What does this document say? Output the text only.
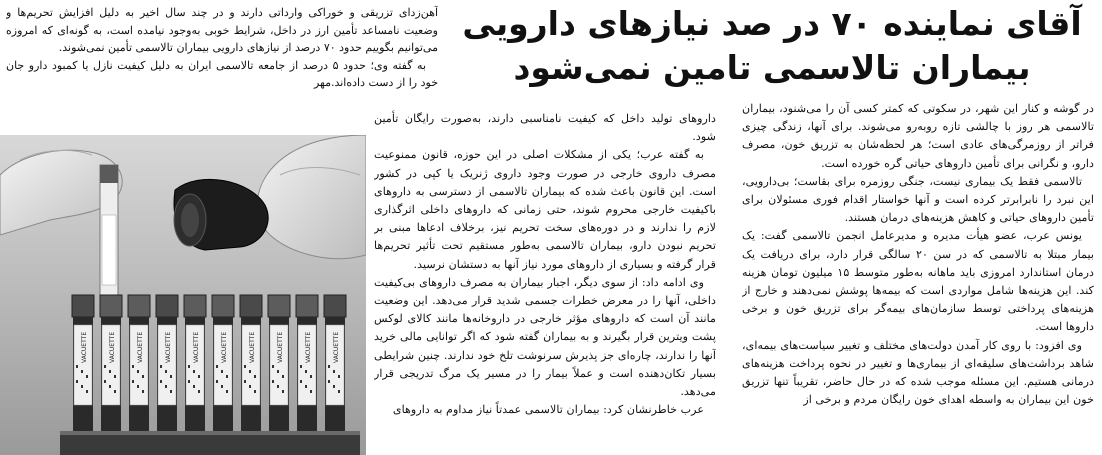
آقای نماینده ۷۰ در صد نیازهای دارویی
بیماران تالاسمی تامین نمی‌شود

آهن‌زدای تزریقی و خوراکی وارداتی دارند و در چند سال اخیر به دلیل افزایش تحریم‌ها و وضعیت نامساعد تأمین ارز در داخل، شرایط خوبی به‌وجود نیامده است، به گونه‌ای که امروزه می‌توانیم بگوییم حدود ۷۰ درصد از نیازهای دارویی بیماران تالاسمی تأمین نمی‌شوند.

به گفته وی؛ حدود ۵ درصد از جامعه تالاسمی ایران به دلیل کیفیت نازل یا کمبود دارو جان خود را از دست داده‌اند.مهر

داروهای تولید داخل که کیفیت نامناسبی دارند، به‌صورت رایگان تأمین شود.

به گفته عرب؛ یکی از مشکلات اصلی در این حوزه، قانون ممنوعیت مصرف داروی خارجی در صورت وجود داروی ژنریک یا کپی در کشور است. این قانون باعث شده که بیماران تالاسمی از دسترسی به داروهای باکیفیت خارجی محروم شوند، حتی زمانی که داروهای داخلی اثرگذاری لازم را ندارند و در دوره‌های سخت تحریم نیز، برخلاف ادعاها مبنی بر تحریم نبودن دارو، بیماران تالاسمی به‌طور مستقیم تحت تأثیر تحریم‌ها قرار گرفته و بسیاری از داروهای مورد نیاز آنها به دستشان نرسید.

وی ادامه داد: از سوی دیگر، اجبار بیماران به مصرف داروهای بی‌کیفیت داخلی، آنها را در معرض خطرات جسمی شدید قرار می‌دهد. این وضعیت مانند آن است که داروهای مؤثر خارجی در داروخانه‌ها مانند کالای لوکس پشت ویترین قرار بگیرند و به بیماران گفته شود که اگر توانایی مالی خرید آنها را ندارند، چاره‌ای جز پذیرش سرنوشت تلخ خود ندارند. چنین شرایطی بسیار تکان‌دهنده است و عملاً بیمار را در مسیر یک مرگ تدریجی قرار می‌دهد.

عرب خاطرنشان کرد: بیماران تالاسمی عمدتاً نیاز مداوم به داروهای

در گوشه و کنار این شهر، در سکوتی که کمتر کسی آن را می‌شنود، بیماران تالاسمی هر روز با چالشی تازه روبه‌رو می‌شوند. برای آنها، زندگی چیزی فراتر از روزمرگی‌های عادی است؛ هر لحظه‌شان به تزریق خون، مصرف دارو، و نگرانی برای تأمین داروهای حیاتی گره خورده است.

تالاسمی فقط یک بیماری نیست، جنگی روزمره برای بقاست؛ بی‌دارویی، این نبرد را نابرابرتر کرده است و آنها خواستار اقدام فوری مسئولان برای تأمین داروهای حیاتی و کاهش هزینه‌های درمان هستند.

یونس عرب، عضو هیأت مدیره و مدیرعامل انجمن تالاسمی گفت: یک بیمار مبتلا به تالاسمی که در سن ۲۰ سالگی قرار دارد، برای دریافت یک درمان استاندارد امروزی باید ماهانه به‌طور متوسط ۱۵ میلیون تومان هزینه کند. این هزینه‌ها شامل مواردی است که بیمه‌ها پوشش نمی‌دهند و خارج از هزینه‌های پرداختی توسط سازمان‌های بیمه‌گر برای تزریق خون و برخی داروها است.

وی افزود: با روی کار آمدن دولت‌های مختلف و تغییر سیاست‌های بیمه‌ای، شاهد برداشت‌های سلیقه‌ای از بیماری‌ها و تغییر در نحوه پرداخت هزینه‌های درمانی هستیم. این مسئله موجب شده که در حال حاضر، تقریباً تنها تزریق خون این بیماران به واسطه اهدای خون رایگان مردم و برخی از

VACUETTE	VACUETTE	VACUETTE	VACUETTE	VACUETTE	VACUETTE	VACUETTE	VACUETTE	VACUETTE	VACUETTE
